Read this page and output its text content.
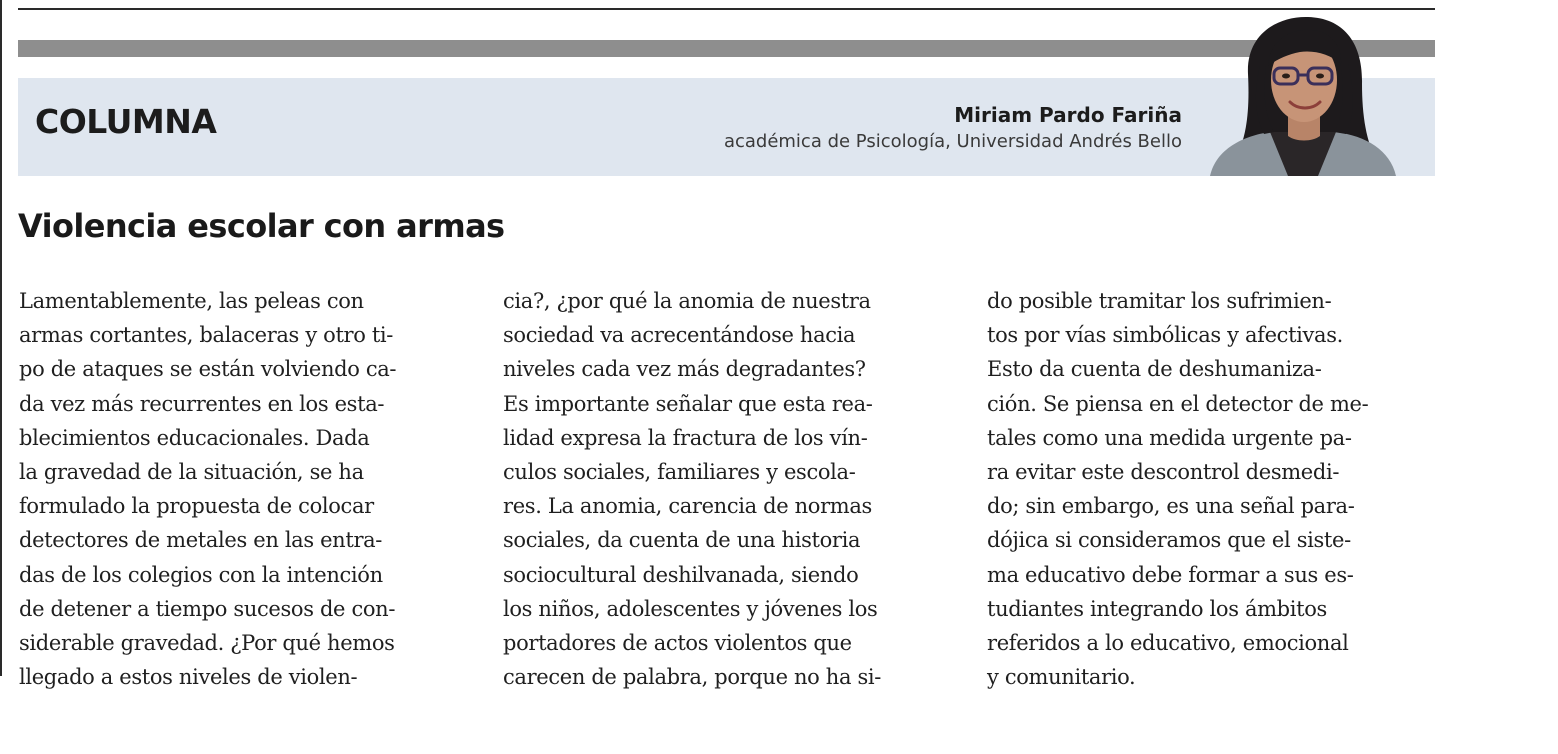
COLUMNA	Miriam Pardo Fariña
académica de Psicología, Universidad Andrés Bello
Violencia escolar con armas
Lamentablemente, las peleas con
armas cortantes, balaceras y otro ti-
po de ataques se están volviendo ca-
da vez más recurrentes en los esta-
blecimientos educacionales. Dada
la gravedad de la situación, se ha
formulado la propuesta de colocar
detectores de metales en las entra-
das de los colegios con la intención
de detener a tiempo sucesos de con-
siderable gravedad. ¿Por qué hemos
llegado a estos niveles de violen-
cia?, ¿por qué la anomia de nuestra
sociedad va acrecentándose hacia
niveles cada vez más degradantes?
Es importante señalar que esta rea-
lidad expresa la fractura de los vín-
culos sociales, familiares y escola-
res. La anomia, carencia de normas
sociales, da cuenta de una historia
sociocultural deshilvanada, siendo
los niños, adolescentes y jóvenes los
portadores de actos violentos que
carecen de palabra, porque no ha si-
do posible tramitar los sufrimien-
tos por vías simbólicas y afectivas.
Esto da cuenta de deshumaniza-
ción. Se piensa en el detector de me-
tales como una medida urgente pa-
ra evitar este descontrol desmedi-
do; sin embargo, es una señal para-
dójica si consideramos que el siste-
ma educativo debe formar a sus es-
tudiantes integrando los ámbitos
referidos a lo educativo, emocional
y comunitario.
